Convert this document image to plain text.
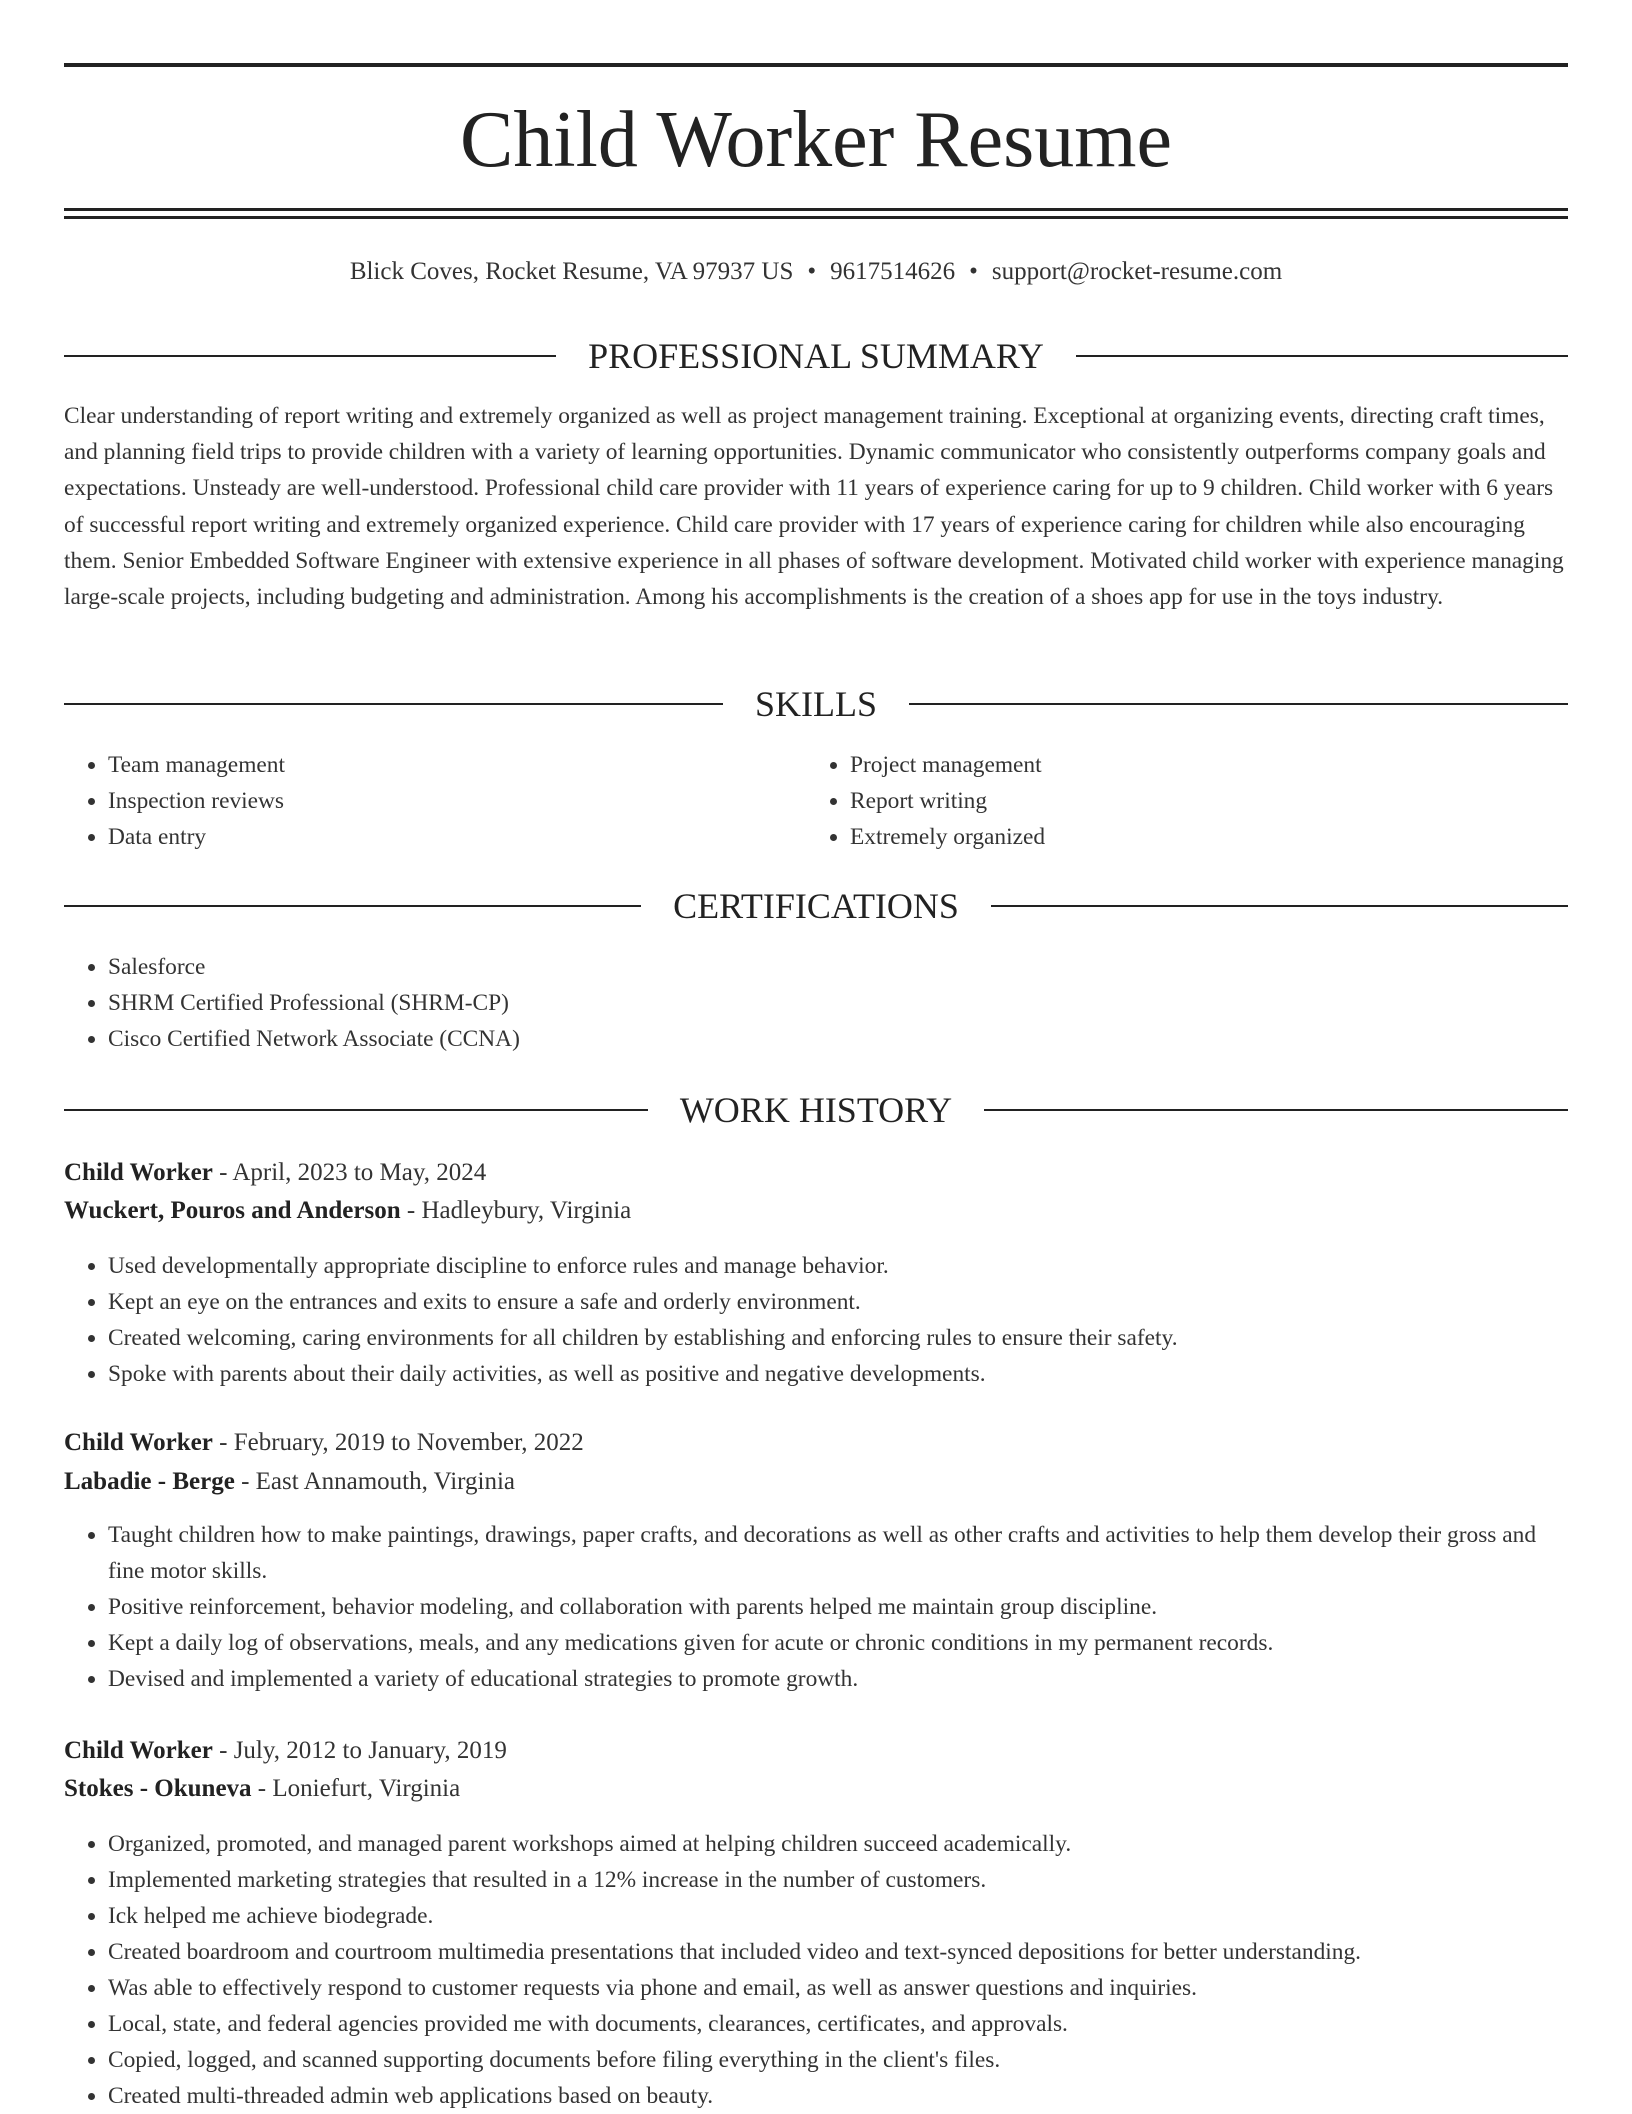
Child Worker Resume
Blick Coves, Rocket Resume, VA 97937 US • 9617514626 • support@rocket-resume.com
PROFESSIONAL SUMMARY

Clear understanding of report writing and extremely organized as well as project management training. Exceptional at organizing events, directing craft times, and planning field trips to provide children with a variety of learning opportunities. Dynamic communicator who consistently outperforms company goals and expectations. Unsteady are well-understood. Professional child care provider with 11 years of experience caring for up to 9 children. Child worker with 6 years of successful report writing and extremely organized experience. Child care provider with 17 years of experience caring for children while also encouraging them. Senior Embedded Software Engineer with extensive experience in all phases of software development. Motivated child worker with experience managing large-scale projects, including budgeting and administration. Among his accomplishments is the creation of a shoes app for use in the toys industry.

SKILLS
• Team management
• Inspection reviews
• Data entry
• Project management
• Report writing
• Extremely organized
CERTIFICATIONS
• Salesforce
• SHRM Certified Professional (SHRM-CP)
• Cisco Certified Network Associate (CCNA)
WORK HISTORY
Child Worker - April, 2023 to May, 2024
Wuckert, Pouros and Anderson - Hadleybury, Virginia
• Used developmentally appropriate discipline to enforce rules and manage behavior.
• Kept an eye on the entrances and exits to ensure a safe and orderly environment.
• Created welcoming, caring environments for all children by establishing and enforcing rules to ensure their safety.
• Spoke with parents about their daily activities, as well as positive and negative developments.
Child Worker - February, 2019 to November, 2022
Labadie - Berge - East Annamouth, Virginia
• Taught children how to make paintings, drawings, paper crafts, and decorations as well as other crafts and activities to help them develop their gross and fine motor skills.
• Positive reinforcement, behavior modeling, and collaboration with parents helped me maintain group discipline.
• Kept a daily log of observations, meals, and any medications given for acute or chronic conditions in my permanent records.
• Devised and implemented a variety of educational strategies to promote growth.
Child Worker - July, 2012 to January, 2019
Stokes - Okuneva - Loniefurt, Virginia
• Organized, promoted, and managed parent workshops aimed at helping children succeed academically.
• Implemented marketing strategies that resulted in a 12% increase in the number of customers.
• Ick helped me achieve biodegrade.
• Created boardroom and courtroom multimedia presentations that included video and text-synced depositions for better understanding.
• Was able to effectively respond to customer requests via phone and email, as well as answer questions and inquiries.
• Local, state, and federal agencies provided me with documents, clearances, certificates, and approvals.
• Copied, logged, and scanned supporting documents before filing everything in the client's files.
• Created multi-threaded admin web applications based on beauty.
